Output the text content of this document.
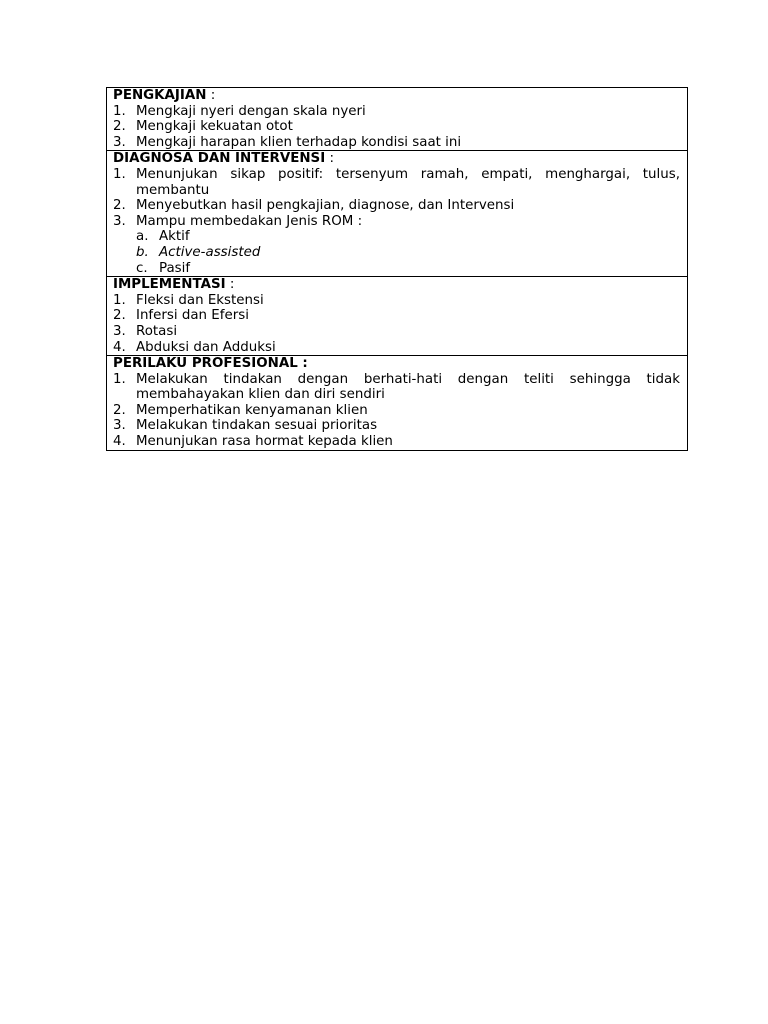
PENGKAJIAN :
1. Mengkaji nyeri dengan skala nyeri
2. Mengkaji kekuatan otot
3. Mengkaji harapan klien terhadap kondisi saat ini

DIAGNOSA DAN INTERVENSI :
1. Menunjukan sikap positif: tersenyum ramah, empati, menghargai, tulus, membantu
2. Menyebutkan hasil pengkajian, diagnose, dan Intervensi
3. Mampu membedakan Jenis ROM :
a. Aktif
b. Active-assisted
c. Pasif

IMPLEMENTASI :
1. Fleksi dan Ekstensi
2. Infersi dan Efersi
3. Rotasi
4. Abduksi dan Adduksi

PERILAKU PROFESIONAL :
1. Melakukan tindakan dengan berhati-hati dengan teliti sehingga tidak membahayakan klien dan diri sendiri
2. Memperhatikan kenyamanan klien
3. Melakukan tindakan sesuai prioritas
4. Menunjukan rasa hormat kepada klien
